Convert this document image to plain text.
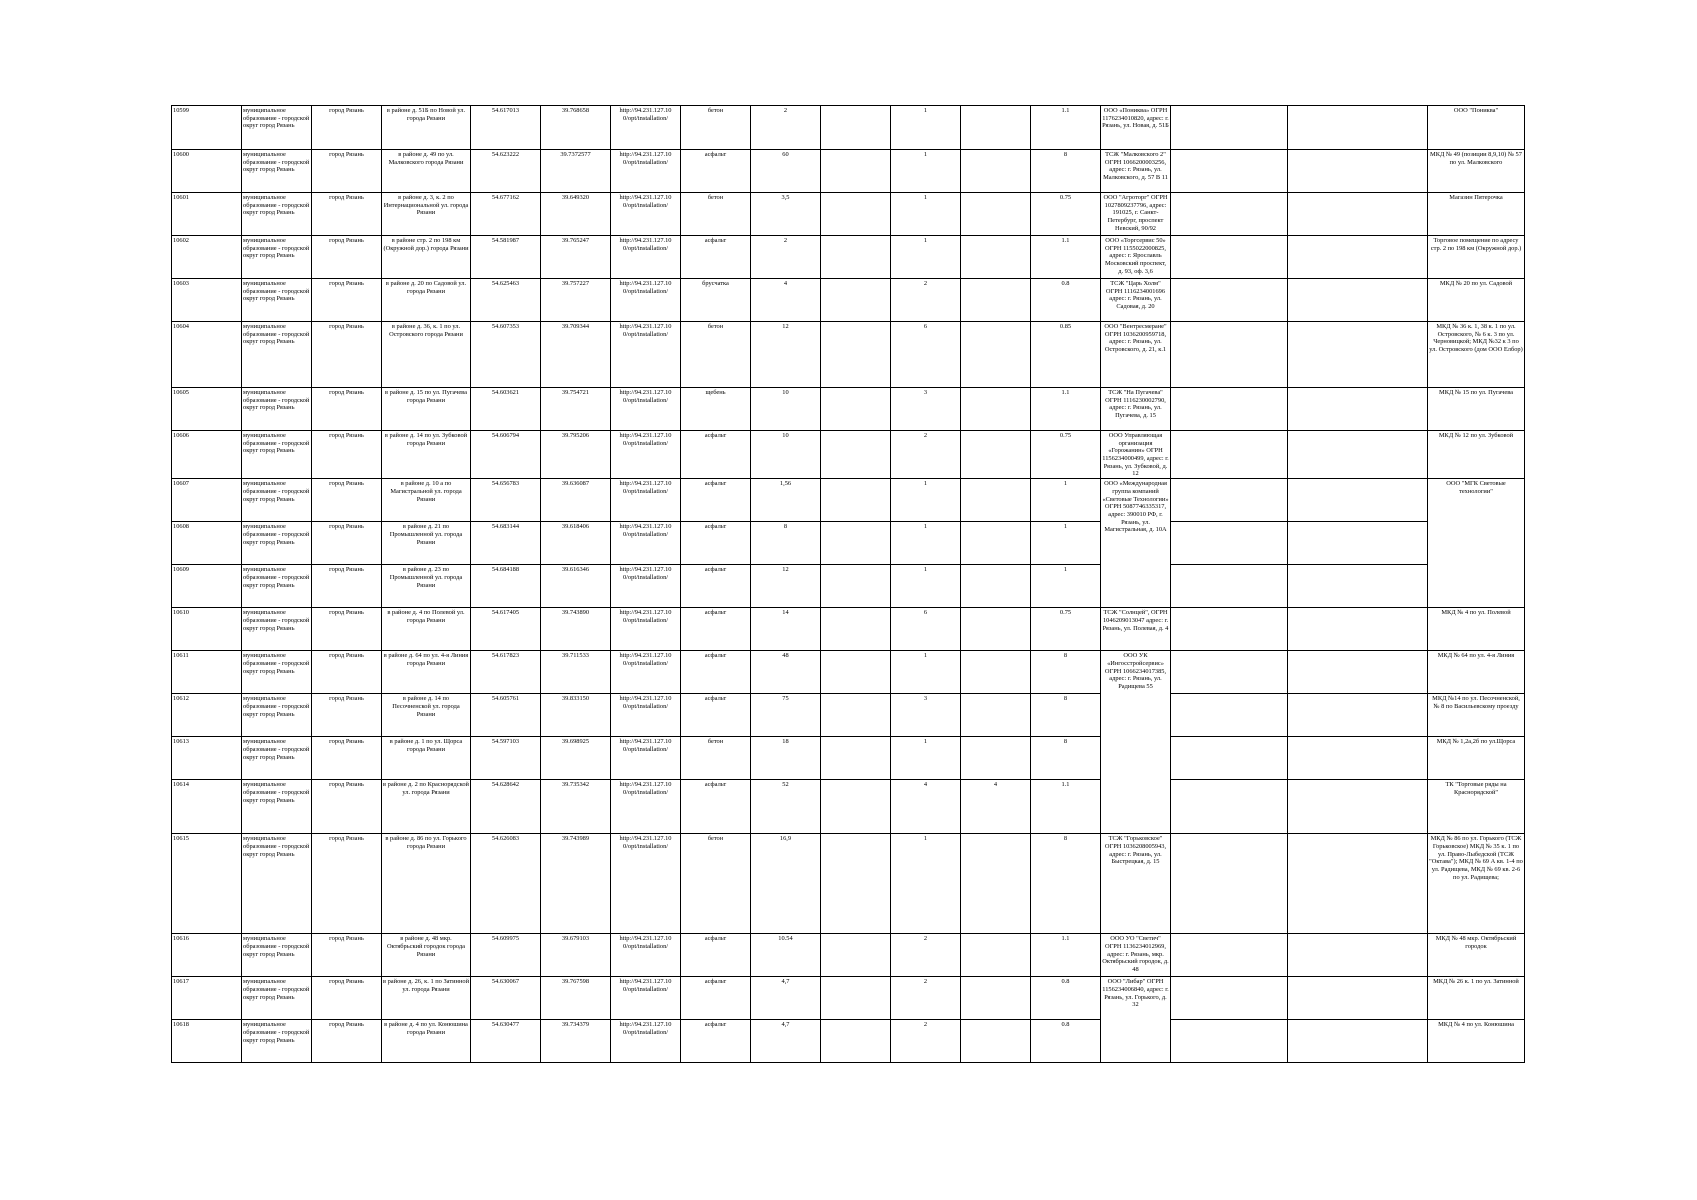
10599	муниципальное образование - городской округ город Рязань	город Рязань	в районе д. 51Б по Новой ул. города Рязани	54.617013	39.768658	http://94.231.127.10 0/opt/installation/	бетон	2		1		1.1	ООО «Пониква» ОГРН 1176234010820, адрес: г. Рязань, ул. Новая, д. 51Б			ООО "Пониква"
10600	муниципальное образование - городской округ город Рязань	город Рязань	в районе д. 49 по ул. Малковского города Рязани	54.623222	39.7372577	http://94.231.127.10 0/opt/installation/	асфальт	60		1		8	ТСЖ "Малковского 2" ОГРН 1066200003256, адрес: г. Рязань, ул. Малковского, д. 57 В 11			МКД № 49 (позиции 8,9,10) № 57 по ул. Малковского
10601	муниципальное образование - городской округ город Рязань	город Рязань	в районе д. 3, к. 2 по Интернациональной ул. города Рязани	54.677162	39.649320	http://94.231.127.10 0/opt/installation/	бетон	3,5		1		0.75	ООО "Агроторг" ОГРН 1027809237796, адрес: 191025, г. Санкт-Петербург, проспект Невский, 90/92			Магазин Пятерочка
10602	муниципальное образование - городской округ город Рязань	город Рязань	в районе стр. 2 по 198 км (Окружной дор.) города Рязани	54.581987	39.765247	http://94.231.127.10 0/opt/installation/	асфальт	2		1		1.1	ООО «Торгсервис 50» ОГРН 1155022000825, адрес: г. Ярославль Московский проспект, д. 93, оф. 3,6			Торговое помещение по адресу стр. 2 по 198 км (Окружной дор.)
10603	муниципальное образование - городской округ город Рязань	город Рязань	в районе д. 20 по Садовой ул. города Рязани	54.625463	39.757227	http://94.231.127.10 0/opt/installation/	брусчатка	4		2		0.8	ТСЖ "Царь Холм" ОГРН 1116234001696 адрес: г. Рязань, ул. Садовая, д. 20			МКД № 20 по ул. Садовой
10604	муниципальное образование - городской округ город Рязань	город Рязань	в районе д. 36, к. 1 по ул. Островского города Рязани	54.607353	39.709344	http://94.231.127.10 0/opt/installation/	бетон	12		6		0.85	ООО "Вентресмеране" ОГРН 1036200959718, адрес: г. Рязань, ул. Островского, д. 21, к.1			МКД № 36 к. 1, 38 к. 1 по ул. Островского, № 6 к. 3 по ул. Черновицкой; МКД №32 к 3 по ул. Островского (дом ООО Елбор)
10605	муниципальное образование - городской округ город Рязань	город Рязань	в районе д. 15 по ул. Пугачева города Рязани	54.603621	39.754721	http://94.231.127.10 0/opt/installation/	щебень	10		3		1.1	ТСЖ "На Пугачева" ОГРН 1116230002790, адрес: г. Рязань, ул. Пугачева, д. 15			МКД № 15 по ул. Пугачева
10606	муниципальное образование - городской округ город Рязань	город Рязань	в районе д. 14 по ул. Зубковой города Рязани	54.606794	39.795206	http://94.231.127.10 0/opt/installation/	асфальт	10		2		0.75	ООО Управляющая организация «Горожанин» ОГРН 1156234000499, адрес: г. Рязань, ул. Зубковой, д. 12			МКД № 12 по ул. Зубковой
10607	муниципальное образование - городской округ город Рязань	город Рязань	в районе д. 10 а по Магистральной ул. города Рязани	54.656783	39.636087	http://94.231.127.10 0/opt/installation/	асфальт	1,56		1		1	ООО «Международная группа компаний «Световые Технологии» ОГРН 5087746335317, адрес: 390010 РФ, г. Рязань, ул. Магистральная, д. 10А			ООО "МГК Световые технологии"
10608	муниципальное образование - городской округ город Рязань	город Рязань	в районе д. 21 по Промышленной ул. города Рязани	54.683144	39.618406	http://94.231.127.10 0/opt/installation/	асфальт	8		1		1				
10609	муниципальное образование - городской округ город Рязань	город Рязань	в районе д. 23 по Промышленной ул. города Рязани	54.684188	39.616346	http://94.231.127.10 0/opt/installation/	асфальт	12		1		1				
10610	муниципальное образование - городской округ город Рязань	город Рязань	в районе д. 4 по Полевой ул. города Рязани	54.617405	39.743890	http://94.231.127.10 0/opt/installation/	асфальт	14		6		0.75	ТСЖ "Солнцей", ОГРН 1046209013047 адрес: г. Рязань, ул. Полевая, д. 4			МКД № 4 по ул. Полевой
10611	муниципальное образование - городской округ город Рязань	город Рязань	в районе д. 64 по ул. 4-я Линия города Рязани	54.617823	39.711533	http://94.231.127.10 0/opt/installation/	асфальт	48		1		8	ООО УК «Ингосстройсервис» ОГРН 1066234017385, адрес: г. Рязань, ул. Радищева 55			МКД № 64 по ул. 4-я Линия
10612	муниципальное образование - городской округ город Рязань	город Рязань	в районе д. 14 по Песочненской ул. города Рязани	54.605761	39.833150	http://94.231.127.10 0/opt/installation/	асфальт	75		3		8				МКД №14 по ул. Песочненской, № 8 по Васильевскому проезду
10613	муниципальное образование - городской округ город Рязань	город Рязань	в районе д. 1 по ул. Щорса города Рязани	54.597103	39.698925	http://94.231.127.10 0/opt/installation/	бетон	18		1		8				МКД № 1,2а,2б по ул.Щорса
10614	муниципальное образование - городской округ город Рязань	город Рязань	в районе д. 2 по Краснорядской ул. города Рязани	54.628642	39.735342	http://94.231.127.10 0/opt/installation/	асфальт	52		4	4	1.1				ТК "Торговые ряды на Краснорядской"
10615	муниципальное образование - городской округ город Рязань	город Рязань	в районе д. 86 по ул. Горького города Рязани	54.626083	39.743989	http://94.231.127.10 0/opt/installation/	бетон	16,9		1		8	ТСЖ "Горьковское" ОГРН 1036208005943, адрес: г. Рязань, ул. Быстрецкая, д. 15			МКД № 86 по ул. Горького (ТСЖ Горьковское) МКД № 35 к. 1 по ул. Право-Лыбедской (ТСЖ "Октава"); МКД № 69 А кв. 1-4 по ул. Радищева, МКД № 69 кв. 2-6 по ул. Радищева;
10616	муниципальное образование - городской округ город Рязань	город Рязань	в районе д. 48 мкр. Октябрьский городок города Рязани	54.609975	39.679103	http://94.231.127.10 0/opt/installation/	асфальт	10.54		2		1.1	ООО УО "Светич" ОГРН 1136234012969, адрес: г. Рязань, мкр. Октябрьский городок, д. 48			МКД № 48 мкр. Октябрьский городок
10617	муниципальное образование - городской округ город Рязань	город Рязань	в районе д. 26, к. 1 по Затинной ул. города Рязани	54.630067	39.767598	http://94.231.127.10 0/opt/installation/	асфальт	4,7		2		0.8	ООО "Либар" ОГРН 1156234006840, адрес: г. Рязань, ул. Горького, д. 32			МКД № 26 к. 1 по ул. Затинной
10618	муниципальное образование - городской округ город Рязань	город Рязань	в районе д. 4 по ул. Конюшина города Рязани	54.630477	39.734379	http://94.231.127.10 0/opt/installation/	асфальт	4,7		2		0.8				МКД № 4 по ул. Конюшина
